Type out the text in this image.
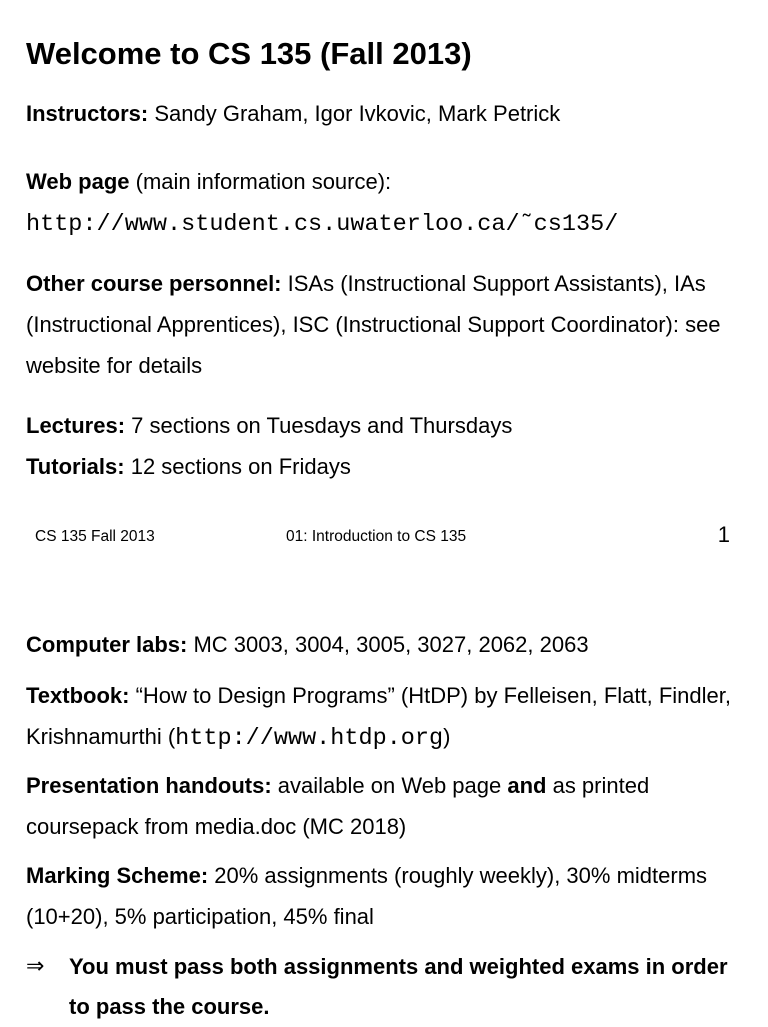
Welcome to CS 135 (Fall 2013)

Instructors: Sandy Graham, Igor Ivkovic, Mark Petrick

Web page (main information source):

http://www.student.cs.uwaterloo.ca/˜cs135/

Other course personnel: ISAs (Instructional Support Assistants), IAs (Instructional Apprentices), ISC (Instructional Support Coordinator): see website for details

Lectures: 7 sections on Tuesdays and Thursdays

Tutorials: 12 sections on Fridays

CS 135 Fall 2013	01: Introduction to CS 135	1

Computer labs: MC 3003, 3004, 3005, 3027, 2062, 2063

Textbook: “How to Design Programs” (HtDP) by Felleisen, Flatt, Findler, Krishnamurthi (http://www.htdp.org)

Presentation handouts: available on Web page and as printed coursepack from media.doc (MC 2018)

Marking Scheme: 20% assignments (roughly weekly), 30% midterms (10+20), 5% participation, 45% final

⇒ You must pass both assignments and weighted exams in order to pass the course.
